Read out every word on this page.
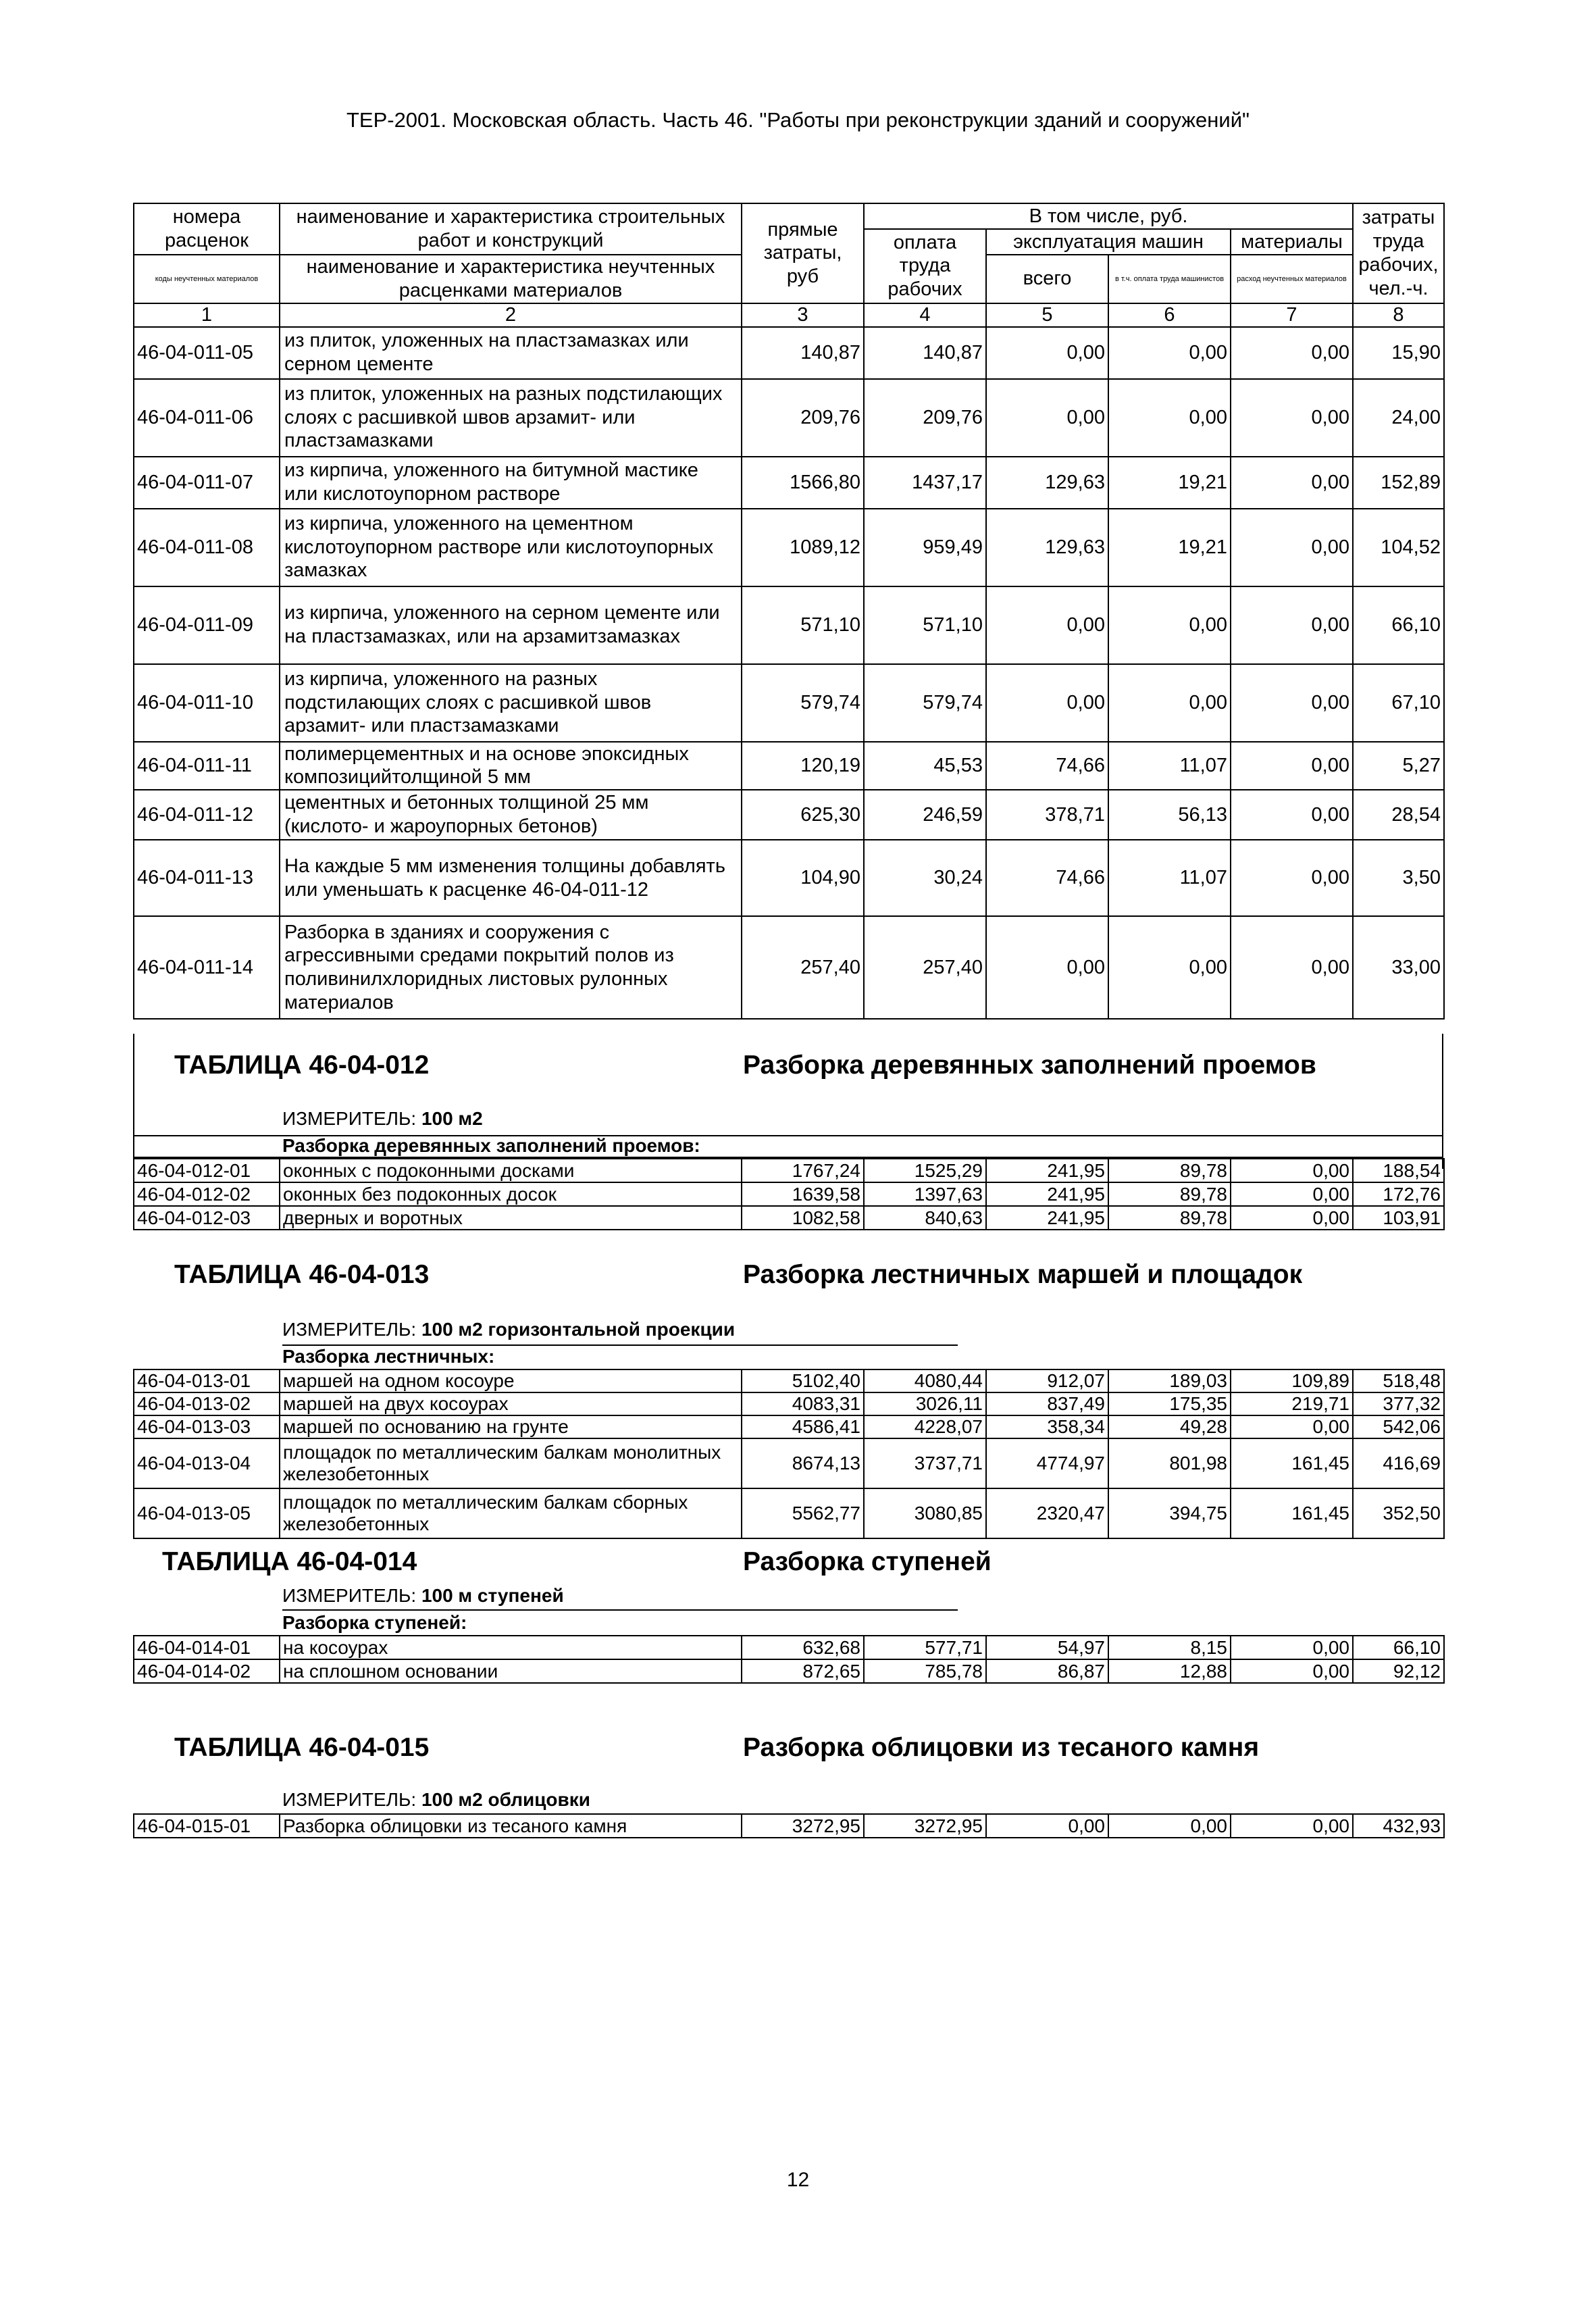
ТЕР-2001. Московская область. Часть 46. "Работы при реконструкции зданий и сооружений"
номера расценок	наименование и характеристика строительных работ и конструкций	прямые затраты, руб	В том числе, руб.				затраты труда рабочих, чел.-ч.
			оплата труда рабочих	эксплуатация машин		материалы	
коды неучтенных материалов	наименование и характеристика неучтенных расценками материалов			всего	в т.ч. оплата труда машинистов	расход неучтенных материалов	
1	2	3	4	5	6	7	8
46-04-011-05	из плиток, уложенных на пластзамазках или серном цементе	140,87	140,87	0,00	0,00	0,00	15,90
46-04-011-06	из плиток, уложенных на разных подстилающих слоях с расшивкой швов арзамит- или пластзамазками	209,76	209,76	0,00	0,00	0,00	24,00
46-04-011-07	из кирпича, уложенного на битумной мастике или кислотоупорном растворе	1566,80	1437,17	129,63	19,21	0,00	152,89
46-04-011-08	из кирпича, уложенного на цементном кислотоупорном растворе или кислотоупорных замазках	1089,12	959,49	129,63	19,21	0,00	104,52
46-04-011-09	из кирпича, уложенного на серном цементе или на пластзамазках, или на арзамитзамазках	571,10	571,10	0,00	0,00	0,00	66,10
46-04-011-10	из кирпича, уложенного на разных подстилающих слоях с расшивкой швов арзамит- или пластзамазками	579,74	579,74	0,00	0,00	0,00	67,10
46-04-011-11	полимерцементных и на основе эпоксидных композицийтолщиной 5 мм	120,19	45,53	74,66	11,07	0,00	5,27
46-04-011-12	цементных и бетонных толщиной 25 мм (кислото- и жароупорных бетонов)	625,30	246,59	378,71	56,13	0,00	28,54
46-04-011-13	На каждые 5 мм изменения толщины добавлять или уменьшать к расценке 46-04-011-12	104,90	30,24	74,66	11,07	0,00	3,50
46-04-011-14	Разборка в зданиях и сооружения с агрессивными средами покрытий полов из поливинилхлоридных листовых рулонных материалов	257,40	257,40	0,00	0,00	0,00	33,00
ТАБЛИЦА 46-04-012	Разборка деревянных заполнений проемов
ИЗМЕРИТЕЛЬ: 100 м2
Разборка деревянных заполнений проемов:
46-04-012-01	оконных с подоконными досками	1767,24	1525,29	241,95	89,78	0,00	188,54
46-04-012-02	оконных без подоконных досок	1639,58	1397,63	241,95	89,78	0,00	172,76
46-04-012-03	дверных и воротных	1082,58	840,63	241,95	89,78	0,00	103,91
ТАБЛИЦА 46-04-013	Разборка лестничных маршей и площадок
ИЗМЕРИТЕЛЬ: 100 м2 горизонтальной проекции
Разборка лестничных:
46-04-013-01	маршей на одном косоуре	5102,40	4080,44	912,07	189,03	109,89	518,48
46-04-013-02	маршей на двух косоурах	4083,31	3026,11	837,49	175,35	219,71	377,32
46-04-013-03	маршей по основанию на грунте	4586,41	4228,07	358,34	49,28	0,00	542,06
46-04-013-04	площадок по металлическим балкам монолитных железобетонных	8674,13	3737,71	4774,97	801,98	161,45	416,69
46-04-013-05	площадок по металлическим балкам сборных железобетонных	5562,77	3080,85	2320,47	394,75	161,45	352,50
ТАБЛИЦА 46-04-014	Разборка ступеней
ИЗМЕРИТЕЛЬ: 100 м ступеней
Разборка ступеней:
46-04-014-01	на косоурах	632,68	577,71	54,97	8,15	0,00	66,10
46-04-014-02	на сплошном основании	872,65	785,78	86,87	12,88	0,00	92,12
ТАБЛИЦА 46-04-015	Разборка облицовки из тесаного камня
ИЗМЕРИТЕЛЬ: 100 м2 облицовки
46-04-015-01	Разборка облицовки из тесаного камня	3272,95	3272,95	0,00	0,00	0,00	432,93
12
